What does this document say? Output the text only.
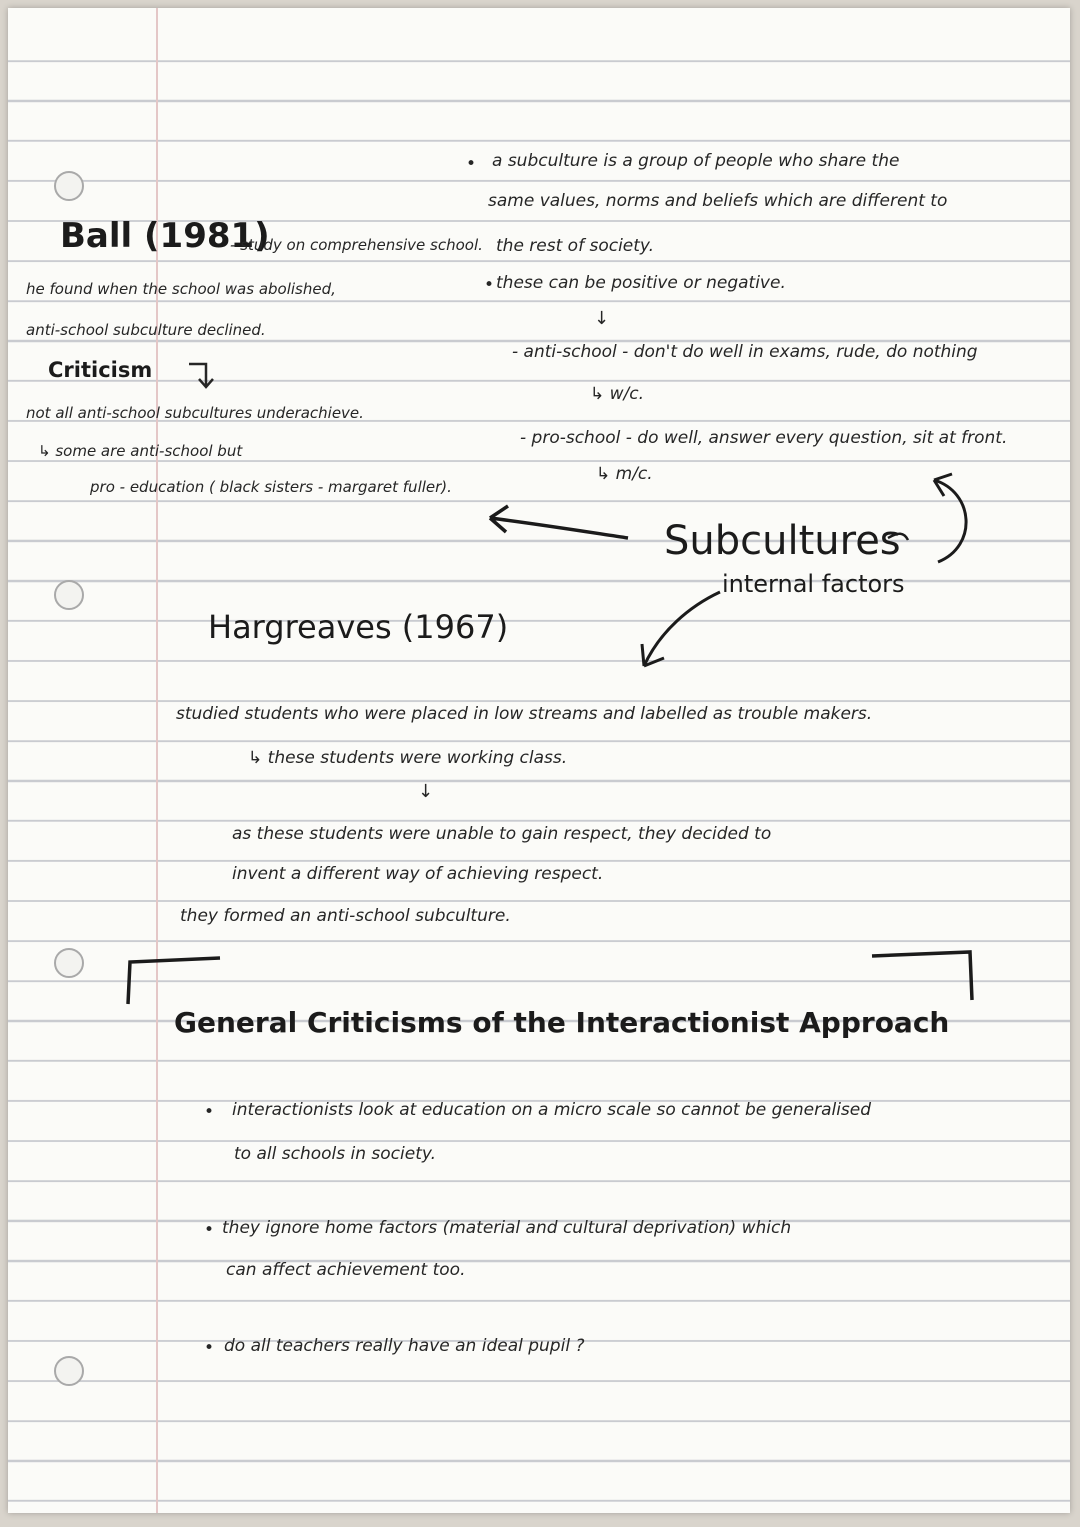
• a subculture is a group of people who share the
same values, norms and beliefs which are different to
the rest of society.
• these can be positive or negative.
↓
- anti-school - don't do well in exams, rude, do nothing
↳ w/c.
- pro-school - do well, answer every question, sit at front.
↳ m/c.
Ball (1981)
- study on comprehensive school.
he found when the school was abolished,
anti-school subculture declined.
Criticism
not all anti-school subcultures underachieve.
↳ some are anti-school but
pro - education ( black sisters - margaret fuller).
Subcultures
internal factors
Hargreaves (1967)
studied students who were placed in low streams and labelled as trouble makers.
↳ these students were working class.
↓
as these students were unable to gain respect, they decided to
invent a different way of achieving respect.
they formed an anti-school subculture.
General Criticisms of the Interactionist Approach
• interactionists look at education on a micro scale so cannot be generalised
to all schools in society.
• they ignore home factors (material and cultural deprivation) which
can affect achievement too.
• do all teachers really have an ideal pupil ?
